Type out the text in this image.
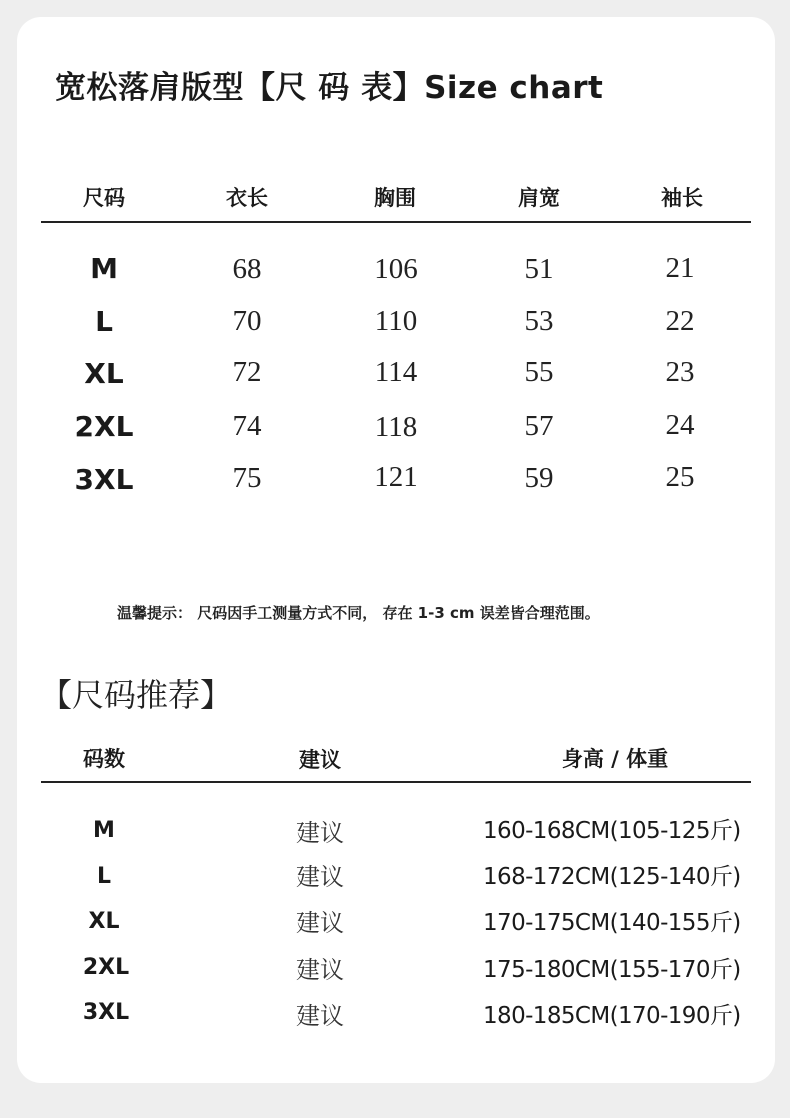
宽松落肩版型【尺 码 表】Size chart
尺码	衣长	胸围	肩宽	袖长
M	68	106	51	21
L	70	110	53	22
XL	72	114	55	23
2XL	74	118	57	24
3XL	75	121	59	25
温馨提示： 尺码因手工测量方式不同， 存在 1-3 cm 误差皆合理范围。
【尺码推荐】
码数	建议	身高 / 体重
M	建议	160-168CM(105-125斤)
L	建议	168-172CM(125-140斤)
XL	建议	170-175CM(140-155斤)
2XL	建议	175-180CM(155-170斤)
3XL	建议	180-185CM(170-190斤)
